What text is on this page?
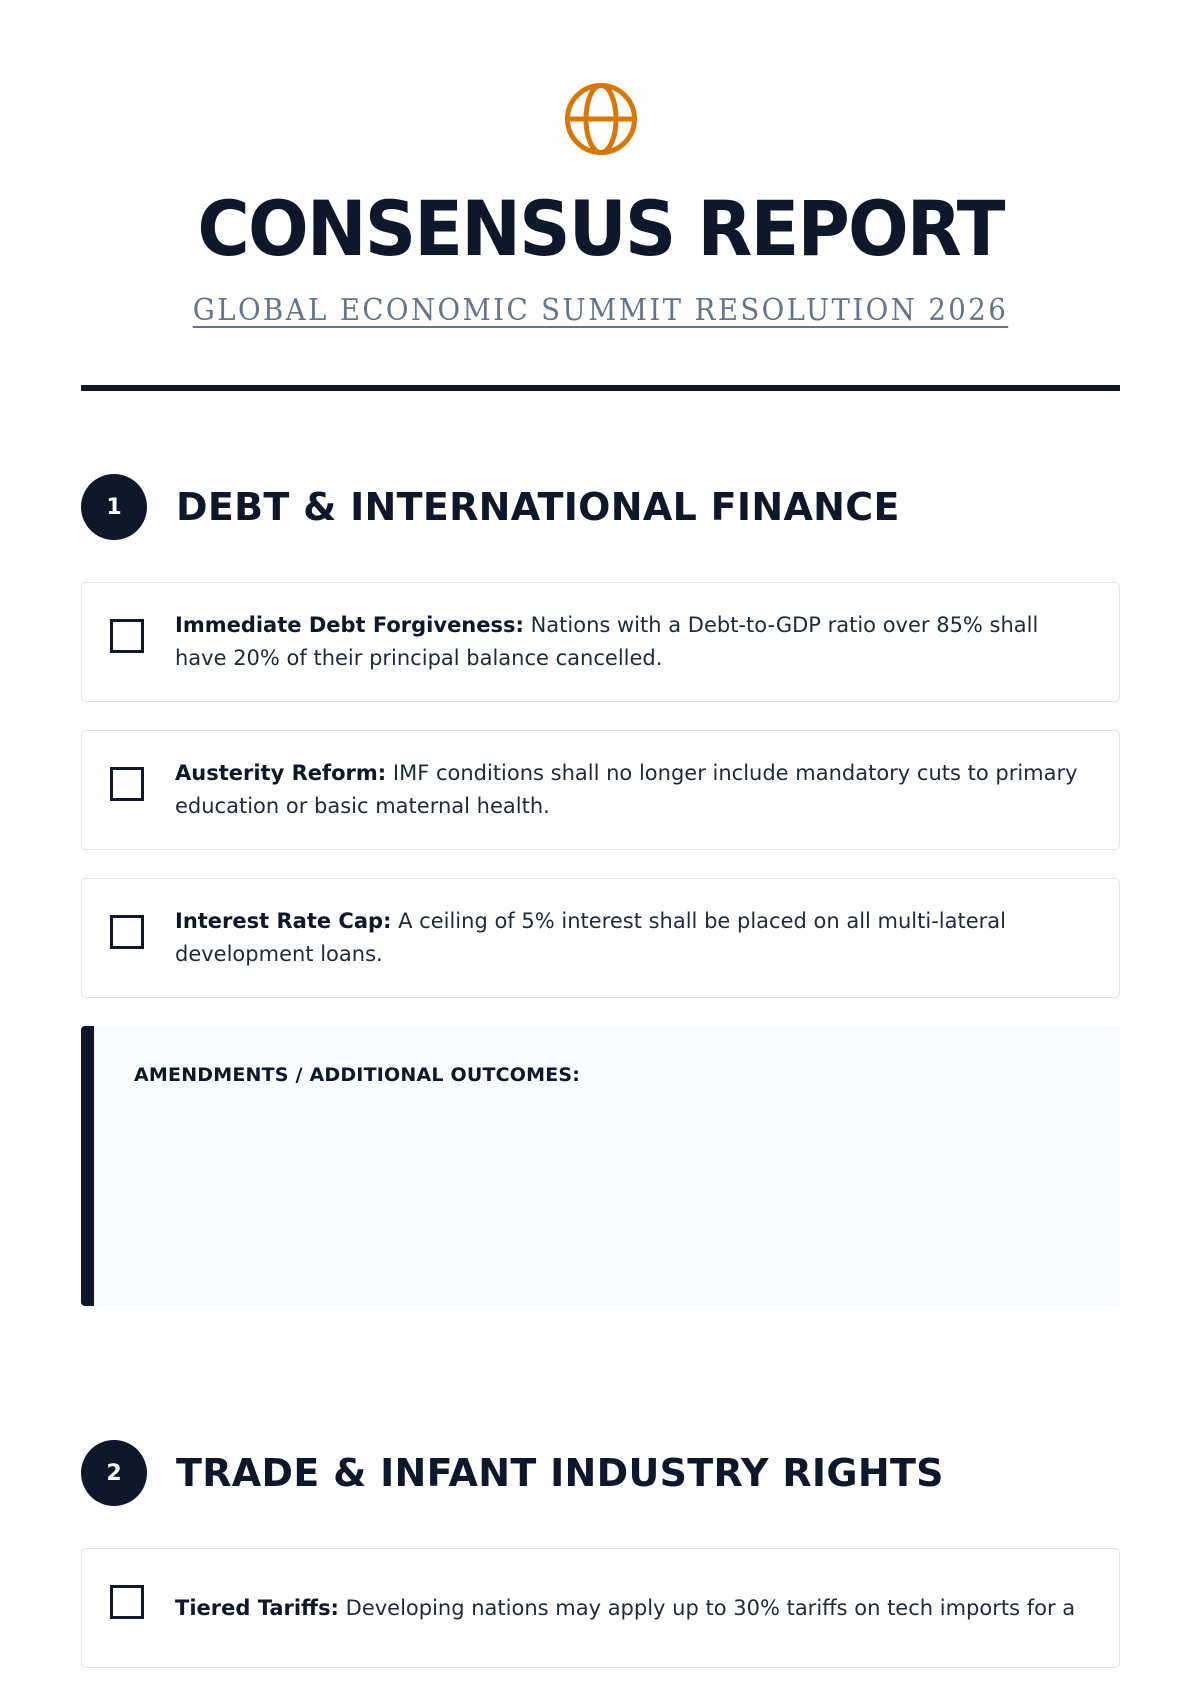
CONSENSUS REPORT
GLOBAL ECONOMIC SUMMIT RESOLUTION 2026
1	DEBT & INTERNATIONAL FINANCE
Immediate Debt Forgiveness: Nations with a Debt-to-GDP ratio over 85% shall have 20% of their principal balance cancelled.
Austerity Reform: IMF conditions shall no longer include mandatory cuts to primary education or basic maternal health.
Interest Rate Cap: A ceiling of 5% interest shall be placed on all multi-lateral development loans.
AMENDMENTS / ADDITIONAL OUTCOMES:
2	TRADE & INFANT INDUSTRY RIGHTS
Tiered Tariffs: Developing nations may apply up to 30% tariffs on tech imports for a
